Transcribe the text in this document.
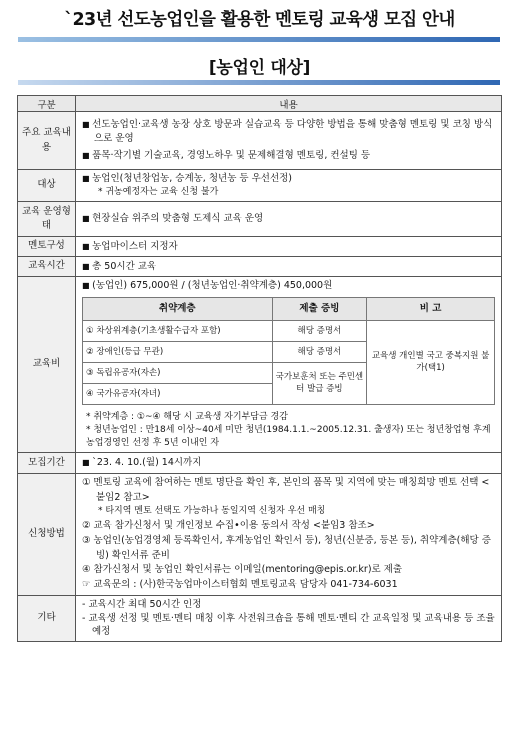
`23년 선도농업인을 활용한 멘토링 교육생 모집 안내
[농업인 대상]
구분	내용
주요 교육내용	
■ 선도농업인·교육생 농장 상호 방문과 실습교육 등 다양한 방법을 통해 맞춤형 멘토링 및 코칭 방식으로 운영
■ 품목·작기별 기술교육, 경영노하우 및 문제해결형 멘토링, 컨설팅 등

대상	
■ 농업인(청년창업농, 승계농, 청년농 등 우선선정)
* 귀농예정자는 교육 신청 불가

교육 운영형태	
■ 현장실습 위주의 맞춤형 도제식 교육 운영

멘토구성	
■농업마이스터 지정자

교육시간	
■총 50시간 교육

교육비	
■ (농업인) 675,000원 / (청년농업인·취약계층) 450,000원
취약계층	제출 증빙	비 고
① 차상위계층(기초생활수급자 포함)	해당 증명서	교육생 개인별 국고 중복지원 불가(택1)
② 장애인(등급 무관)	해당 증명서
③ 독립유공자(자손)	국가보훈처 또는 주민센터 발급 증빙
④ 국가유공자(자녀)
* 취약계층 : ①~④ 해당 시 교육생 자기부담금 경감
* 청년농업인 : 만18세 이상~40세 미만 청년(1984.1.1.~2005.12.31. 출생자) 또는 청년창업형 후계농업경영인 선정 후 5년 이내인 자

모집기간	
■`23. 4. 10.(월) 14시까지

신청방법	
① 멘토링 교육에 참여하는 멘토 명단을 확인 후, 본인의 품목 및 지역에 맞는 매칭희망 멘토 선택 <붙임2 참고>
* 타지역 멘토 선택도 가능하나 동일지역 신청자 우선 매칭
② 교육 참가신청서 및 개인정보 수집•이용 동의서 작성 <붙임3 참조>
③ 농업인(농업경영체 등록확인서, 후계농업인 확인서 등), 청년(신분증, 등본 등), 취약계층(해당 증빙) 확인서류 준비
④ 참가신청서 및 농업인 확인서류는 이메일(mentoring@epis.or.kr)로 제출
☞ 교육문의 : (사)한국농업마이스터협회 멘토링교육 담당자 041-734-6031

기타	
- 교육시간 최대 50시간 인정
- 교육생 선정 및 멘토·멘티 매칭 이후 사전워크숍을 통해 멘토·멘티 간 교육일정 및 교육내용 등 조율 예정
